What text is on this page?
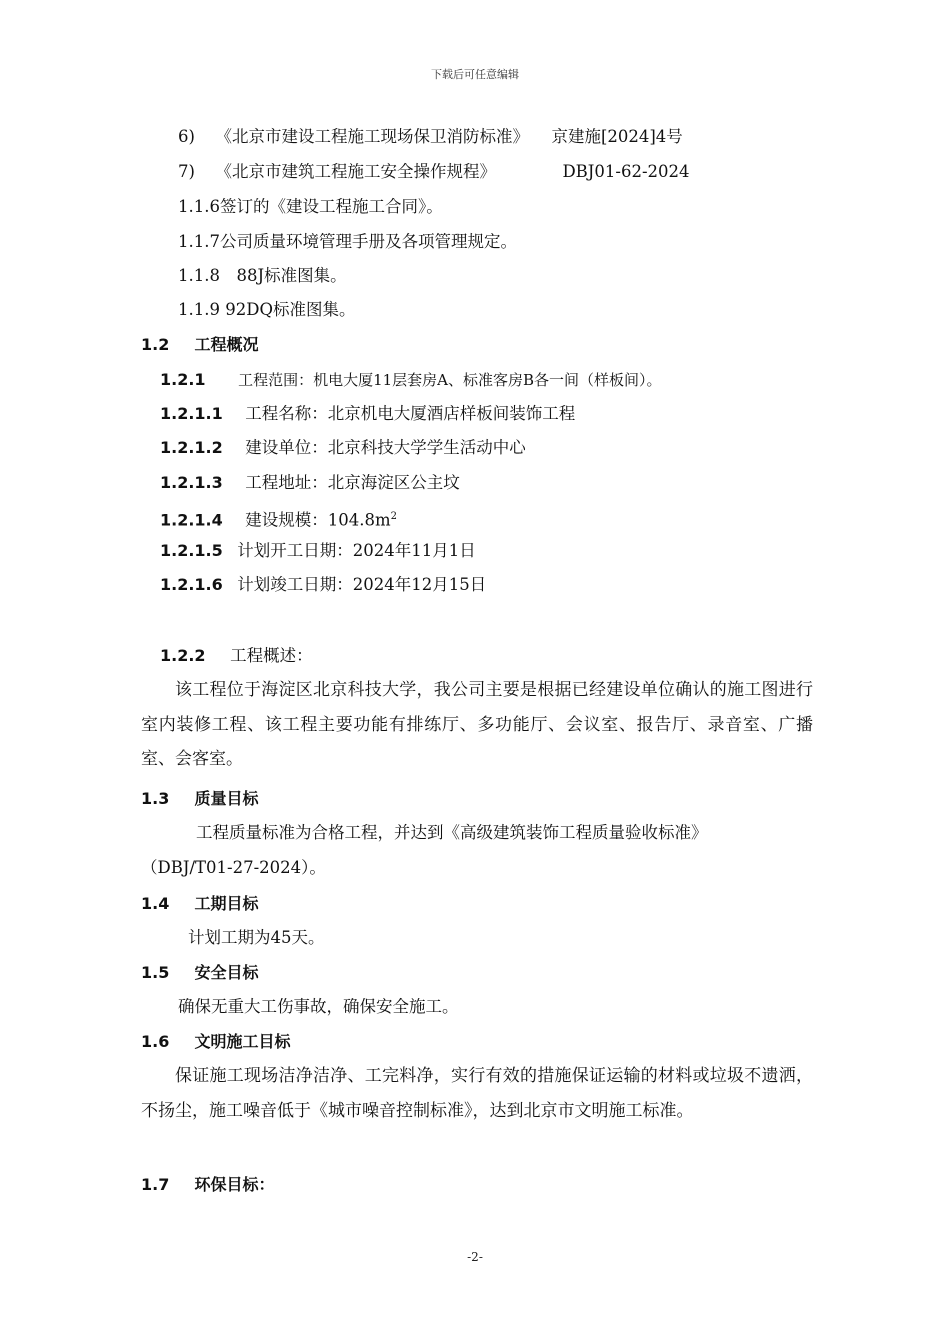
下载后可任意编辑
6) 《北京市建设工程施工现场保卫消防标准》 京建施[2024]4号
7) 《北京市建筑工程施工安全操作规程》	DBJ01-62-2024
1.1.6签订的《建设工程施工合同》。
1.1.7公司质量环境管理手册及各项管理规定。
1.1.8　88J标准图集。
1.1.9 92DQ标准图集。
1.2 工程概况
1.2.1 工程范围：机电大厦11层套房A、标准客房B各一间（样板间）。
1.2.1.1 工程名称：北京机电大厦酒店样板间装饰工程
1.2.1.2 建设单位：北京科技大学学生活动中心
1.2.1.3 工程地址：北京海淀区公主坟
1.2.1.4 建设规模：$104.8m^2$
1.2.1.5 计划开工日期：2024年11月1日
1.2.1.6 计划竣工日期：2024年12月15日
1.2.2 工程概述：
该工程位于海淀区北京科技大学，我公司主要是根据已经建设单位确认的施工图进行室内装修工程、该工程主要功能有排练厅、多功能厅、会议室、报告厅、录音室、广播室、会客室。
1.3 质量目标
工程质量标准为合格工程，并达到《高级建筑装饰工程质量验收标准》
（DBJ/T01-27-2024）。
1.4 工期目标
计划工期为45天。
1.5 安全目标
确保无重大工伤事故，确保安全施工。
1.6 文明施工目标
保证施工现场洁净洁净、工完料净，实行有效的措施保证运输的材料或垃圾不遗洒，不扬尘，施工噪音低于《城市噪音控制标准》，达到北京市文明施工标准。
1.7 环保目标：
-2-
